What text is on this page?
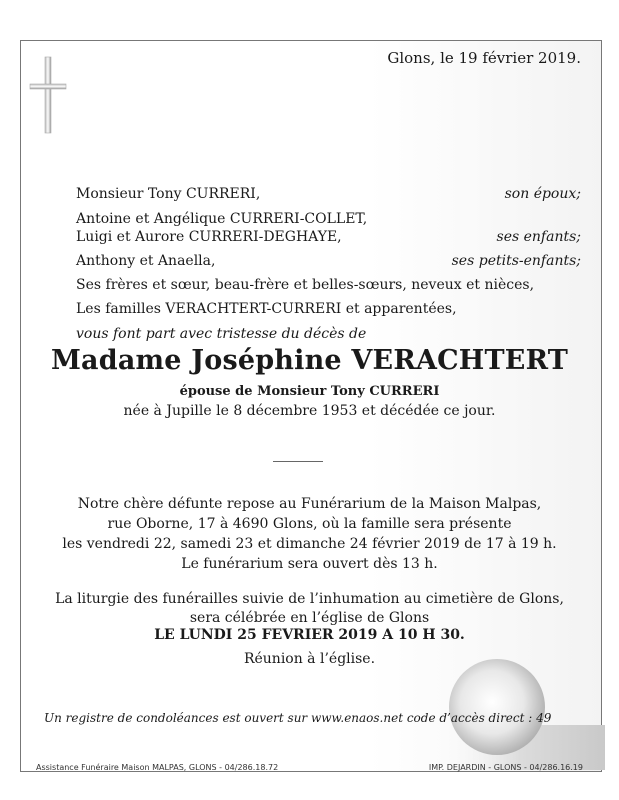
Glons, le 19 février 2019.
Monsieur Tony CURRERI,	son époux;
Antoine et Angélique CURRERI-COLLET,
Luigi et Aurore CURRERI-DEGHAYE,	ses enfants;
Anthony et Anaella,	ses petits-enfants;
Ses frères et sœur, beau-frère et belles-sœurs, neveux et nièces,
Les familles VERACHTERT-CURRERI et apparentées,
vous font part avec tristesse du décès de
Madame Joséphine VERACHTERT
épouse de Monsieur Tony CURRERI
née à Jupille le 8 décembre 1953 et décédée ce jour.
Notre chère défunte repose au Funérarium de la Maison Malpas,
rue Oborne, 17 à 4690 Glons, où la famille sera présente
les vendredi 22, samedi 23 et dimanche 24 février 2019 de 17 à 19 h.
Le funérarium sera ouvert dès 13 h.
La liturgie des funérailles suivie de l’inhumation au cimetière de Glons,
sera célébrée en l’église de Glons
LE LUNDI 25 FEVRIER 2019 A 10 H 30.
Réunion à l’église.
Un registre de condoléances est ouvert sur www.enaos.net code d’accès direct : 49
Assistance Funéraire Maison MALPAS, GLONS - 04/286.18.72	IMP. DEJARDIN - GLONS - 04/286.16.19
